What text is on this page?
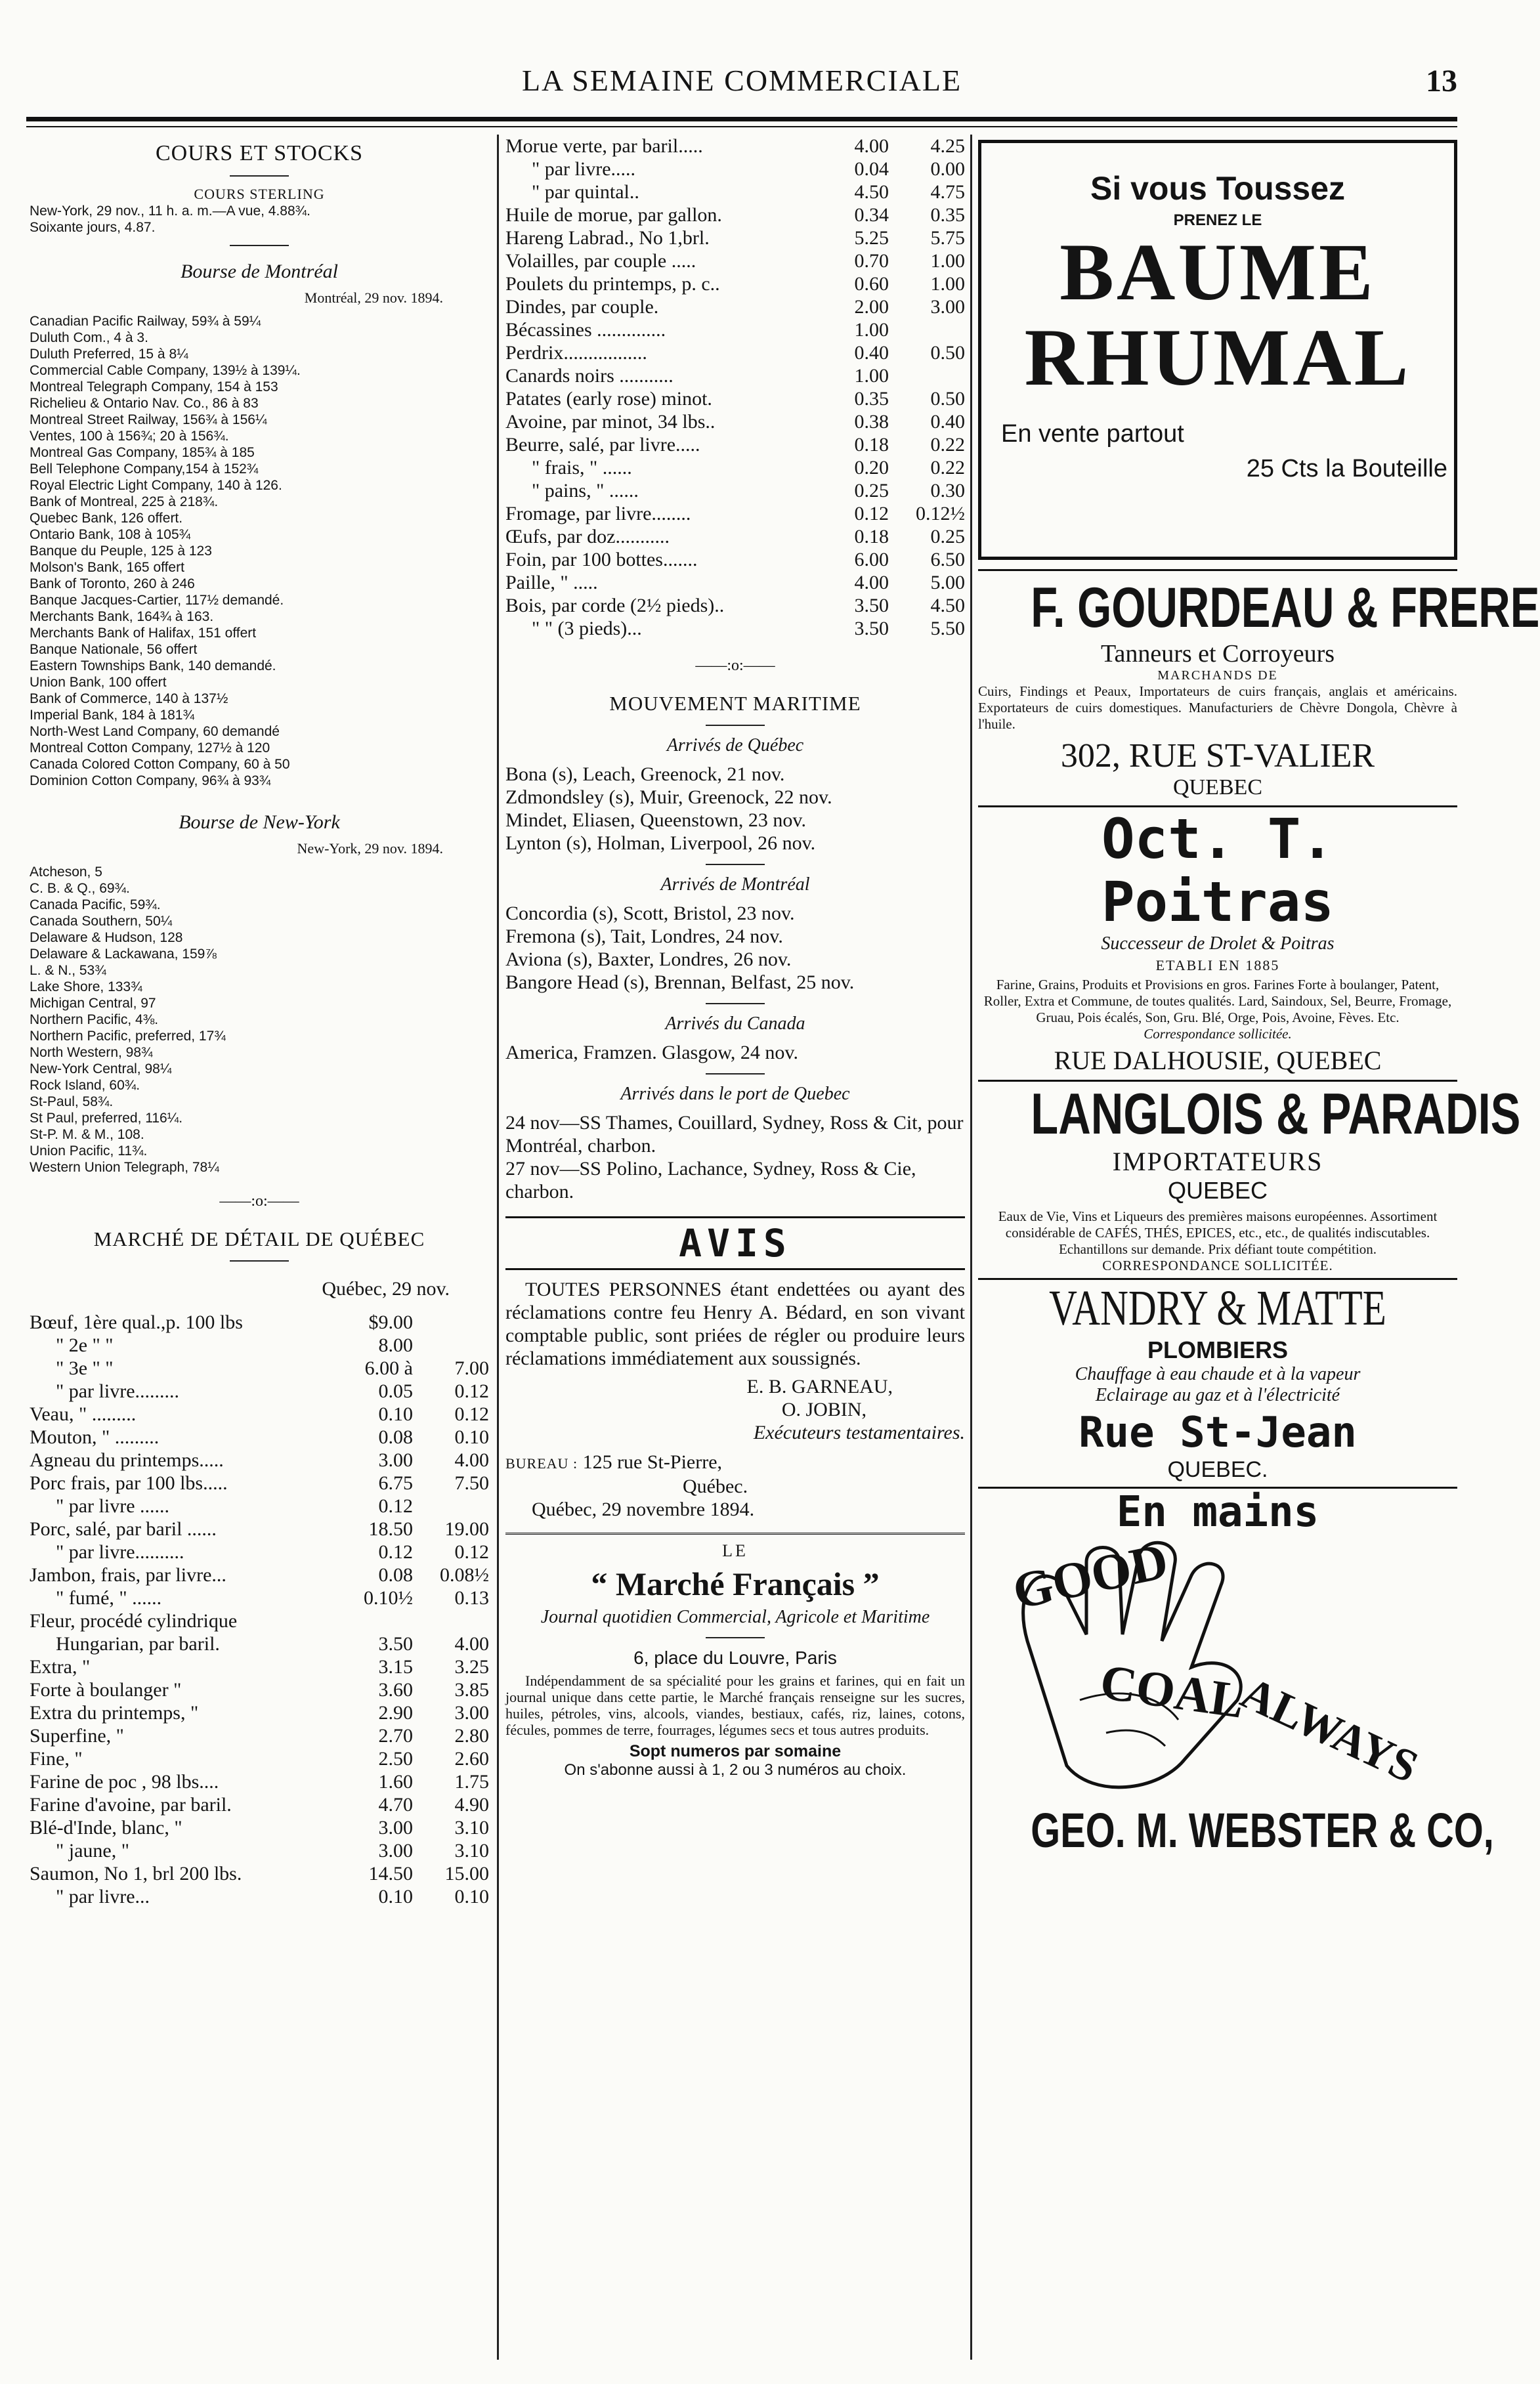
LA SEMAINE COMMERCIALE	13
COURS ET STOCKS
COURS STERLING
New-York, 29 nov., 11 h. a. m.—A vue, 4.88¾.
Soixante jours, 4.87.
Bourse de Montréal
Montréal, 29 nov. 1894.
Canadian Pacific Railway, 59¾ à 59¼
Duluth Com., 4 à 3.
Duluth Preferred, 15 à 8¼
Commercial Cable Company, 139½ à 139¼.
Montreal Telegraph Company, 154 à 153
Richelieu & Ontario Nav. Co., 86 à 83
Montreal Street Railway, 156¾ à 156¼
Ventes, 100 à 156¾; 20 à 156¾.
Montreal Gas Company, 185¾ à 185
Bell Telephone Company,154 à 152¾
Royal Electric Light Company, 140 à 126.
Bank of Montreal, 225 à 218¾.
Quebec Bank, 126 offert.
Ontario Bank, 108 à 105¾
Banque du Peuple, 125 à 123
Molson's Bank, 165 offert
Bank of Toronto, 260 à 246
Banque Jacques-Cartier, 117½ demandé.
Merchants Bank, 164¾ à 163.
Merchants Bank of Halifax, 151 offert
Banque Nationale, 56 offert
Eastern Townships Bank, 140 demandé.
Union Bank, 100 offert
Bank of Commerce, 140 à 137½
Imperial Bank, 184 à 181¾
North-West Land Company, 60 demandé
Montreal Cotton Company, 127½ à 120
Canada Colored Cotton Company, 60 à 50
Dominion Cotton Company, 96¾ à 93¾
Bourse de New-York
New-York, 29 nov. 1894.
Atcheson, 5
C. B. & Q., 69¾.
Canada Pacific, 59¾.
Canada Southern, 50¼
Delaware & Hudson, 128
Delaware & Lackawana, 159⅞
L. & N., 53¾
Lake Shore, 133¾
Michigan Central, 97
Northern Pacific, 4⅜.
Northern Pacific, preferred, 17¾
North Western, 98¾
New-York Central, 98¼
Rock Island, 60¾.
St-Paul, 58¾.
St Paul, preferred, 116¼.
St-P. M. & M., 108.
Union Pacific, 11¾.
Western Union Telegraph, 78¼
——:o:——
MARCHÉ DE DÉTAIL DE QUÉBEC
Québec, 29 nov.
Bœuf, 1ère qual.,p. 100 lbs	$9.00	
" 2e " "	8.00	
" 3e " "	6.00 à	7.00
" par livre.........	0.05	0.12
Veau, " .........	0.10	0.12
Mouton, " .........	0.08	0.10
Agneau du printemps.....	3.00	4.00
Porc frais, par 100 lbs.....	6.75	7.50
" par livre ......	0.12	
Porc, salé, par baril ......	18.50	19.00
" par livre..........	0.12	0.12
Jambon, frais, par livre...	0.08	0.08½
" fumé, " ......	0.10½	0.13
Fleur, procédé cylindrique		
Hungarian, par baril.	3.50	4.00
Extra, "	3.15	3.25
Forte à boulanger "	3.60	3.85
Extra du printemps, "	2.90	3.00
Superfine, "	2.70	2.80
Fine, "	2.50	2.60
Farine de poc , 98 lbs....	1.60	1.75
Farine d'avoine, par baril.	4.70	4.90
Blé-d'Inde, blanc, "	3.00	3.10
" jaune, "	3.00	3.10
Saumon, No 1, brl 200 lbs.	14.50	15.00
" par livre...	0.10	0.10
Morue verte, par baril.....	4.00	4.25
" par livre.....	0.04	0.00
" par quintal..	4.50	4.75
Huile de morue, par gallon.	0.34	0.35
Hareng Labrad., No 1,brl.	5.25	5.75
Volailles, par couple .....	0.70	1.00
Poulets du printemps, p. c..	0.60	1.00
Dindes, par couple.	2.00	3.00
Bécassines ..............	1.00	
Perdrix.................	0.40	0.50
Canards noirs ...........	1.00	
Patates (early rose) minot.	0.35	0.50
Avoine, par minot, 34 lbs..	0.38	0.40
Beurre, salé, par livre.....	0.18	0.22
" frais, " ......	0.20	0.22
" pains, " ......	0.25	0.30
Fromage, par livre........	0.12	0.12½
Œufs, par doz...........	0.18	0.25
Foin, par 100 bottes.......	6.00	6.50
Paille, " .....	4.00	5.00
Bois, par corde (2½ pieds)..	3.50	4.50
" " (3 pieds)...	3.50	5.50
——:o:——
MOUVEMENT MARITIME
Arrivés de Québec
Bona (s), Leach, Greenock, 21 nov.
Zdmondsley (s), Muir, Greenock, 22 nov.
Mindet, Eliasen, Queenstown, 23 nov.
Lynton (s), Holman, Liverpool, 26 nov.
Arrivés de Montréal
Concordia (s), Scott, Bristol, 23 nov.
Fremona (s), Tait, Londres, 24 nov.
Aviona (s), Baxter, Londres, 26 nov.
Bangore Head (s), Brennan, Belfast, 25 nov.
Arrivés du Canada
America, Framzen. Glasgow, 24 nov.
Arrivés dans le port de Quebec
24 nov—SS Thames, Couillard, Sydney, Ross & Cit, pour Montréal, charbon.
27 nov—SS Polino, Lachance, Sydney, Ross & Cie, charbon.
AVIS
TOUTES PERSONNES étant endettées ou ayant des réclamations contre feu Henry A. Bédard, en son vivant comptable public, sont priées de régler ou produire leurs réclamations immédiatement aux soussignés.
E. B. GARNEAU,
O. JOBIN,
Exécuteurs testamentaires.
BUREAU : 125 rue St-Pierre,
Québec.
Québec, 29 novembre 1894.
LE
“ Marché Français ”
Journal quotidien Commercial, Agricole et Maritime
6, place du Louvre, Paris
Indépendamment de sa spécialité pour les grains et farines, qui en fait un journal unique dans cette partie, le Marché français renseigne sur les sucres, huiles, pétroles, vins, alcools, viandes, bestiaux, cafés, riz, laines, cotons, fécules, pommes de terre, fourrages, légumes secs et tous autres produits.
Sopt numeros par somaine
On s'abonne aussi à 1, 2 ou 3 numéros au choix.
Si vous Toussez
PRENEZ LE
BAUME
RHUMAL
En vente partout
25 Cts la Bouteille
F. GOURDEAU & FRERE
Tanneurs et Corroyeurs
MARCHANDS DE
Cuirs, Findings et Peaux, Importateurs de cuirs français, anglais et américains. Exportateurs de cuirs domestiques. Manufacturiers de Chèvre Dongola, Chèvre à l'huile.
302, RUE ST-VALIER
QUEBEC
Oct. T. Poitras
Successeur de Drolet & Poitras
ETABLI EN 1885
Farine, Grains, Produits et Provisions en gros. Farines Forte à boulanger, Patent, Roller, Extra et Commune, de toutes qualités. Lard, Saindoux, Sel, Beurre, Fromage, Gruau, Pois écalés, Son, Gru. Blé, Orge, Pois, Avoine, Fèves. Etc.
Correspondance sollicitée.
RUE DALHOUSIE, QUEBEC
LANGLOIS & PARADIS
IMPORTATEURS
QUEBEC
Eaux de Vie, Vins et Liqueurs des premières maisons européennes. Assortiment considérable de CAFÉS, THÉS, EPICES, etc., etc., de qualités indiscutables. Echantillons sur demande. Prix défiant toute compétition.
CORRESPONDANCE SOLLICITÉE.
VANDRY & MATTE
PLOMBIERS
Chauffage à eau chaude et à la vapeur
Eclairage au gaz et à l'électricité
Rue St-Jean
QUEBEC.
En mains
GOOD
COAL
ALWAYS
GEO. M. WEBSTER & CO,
